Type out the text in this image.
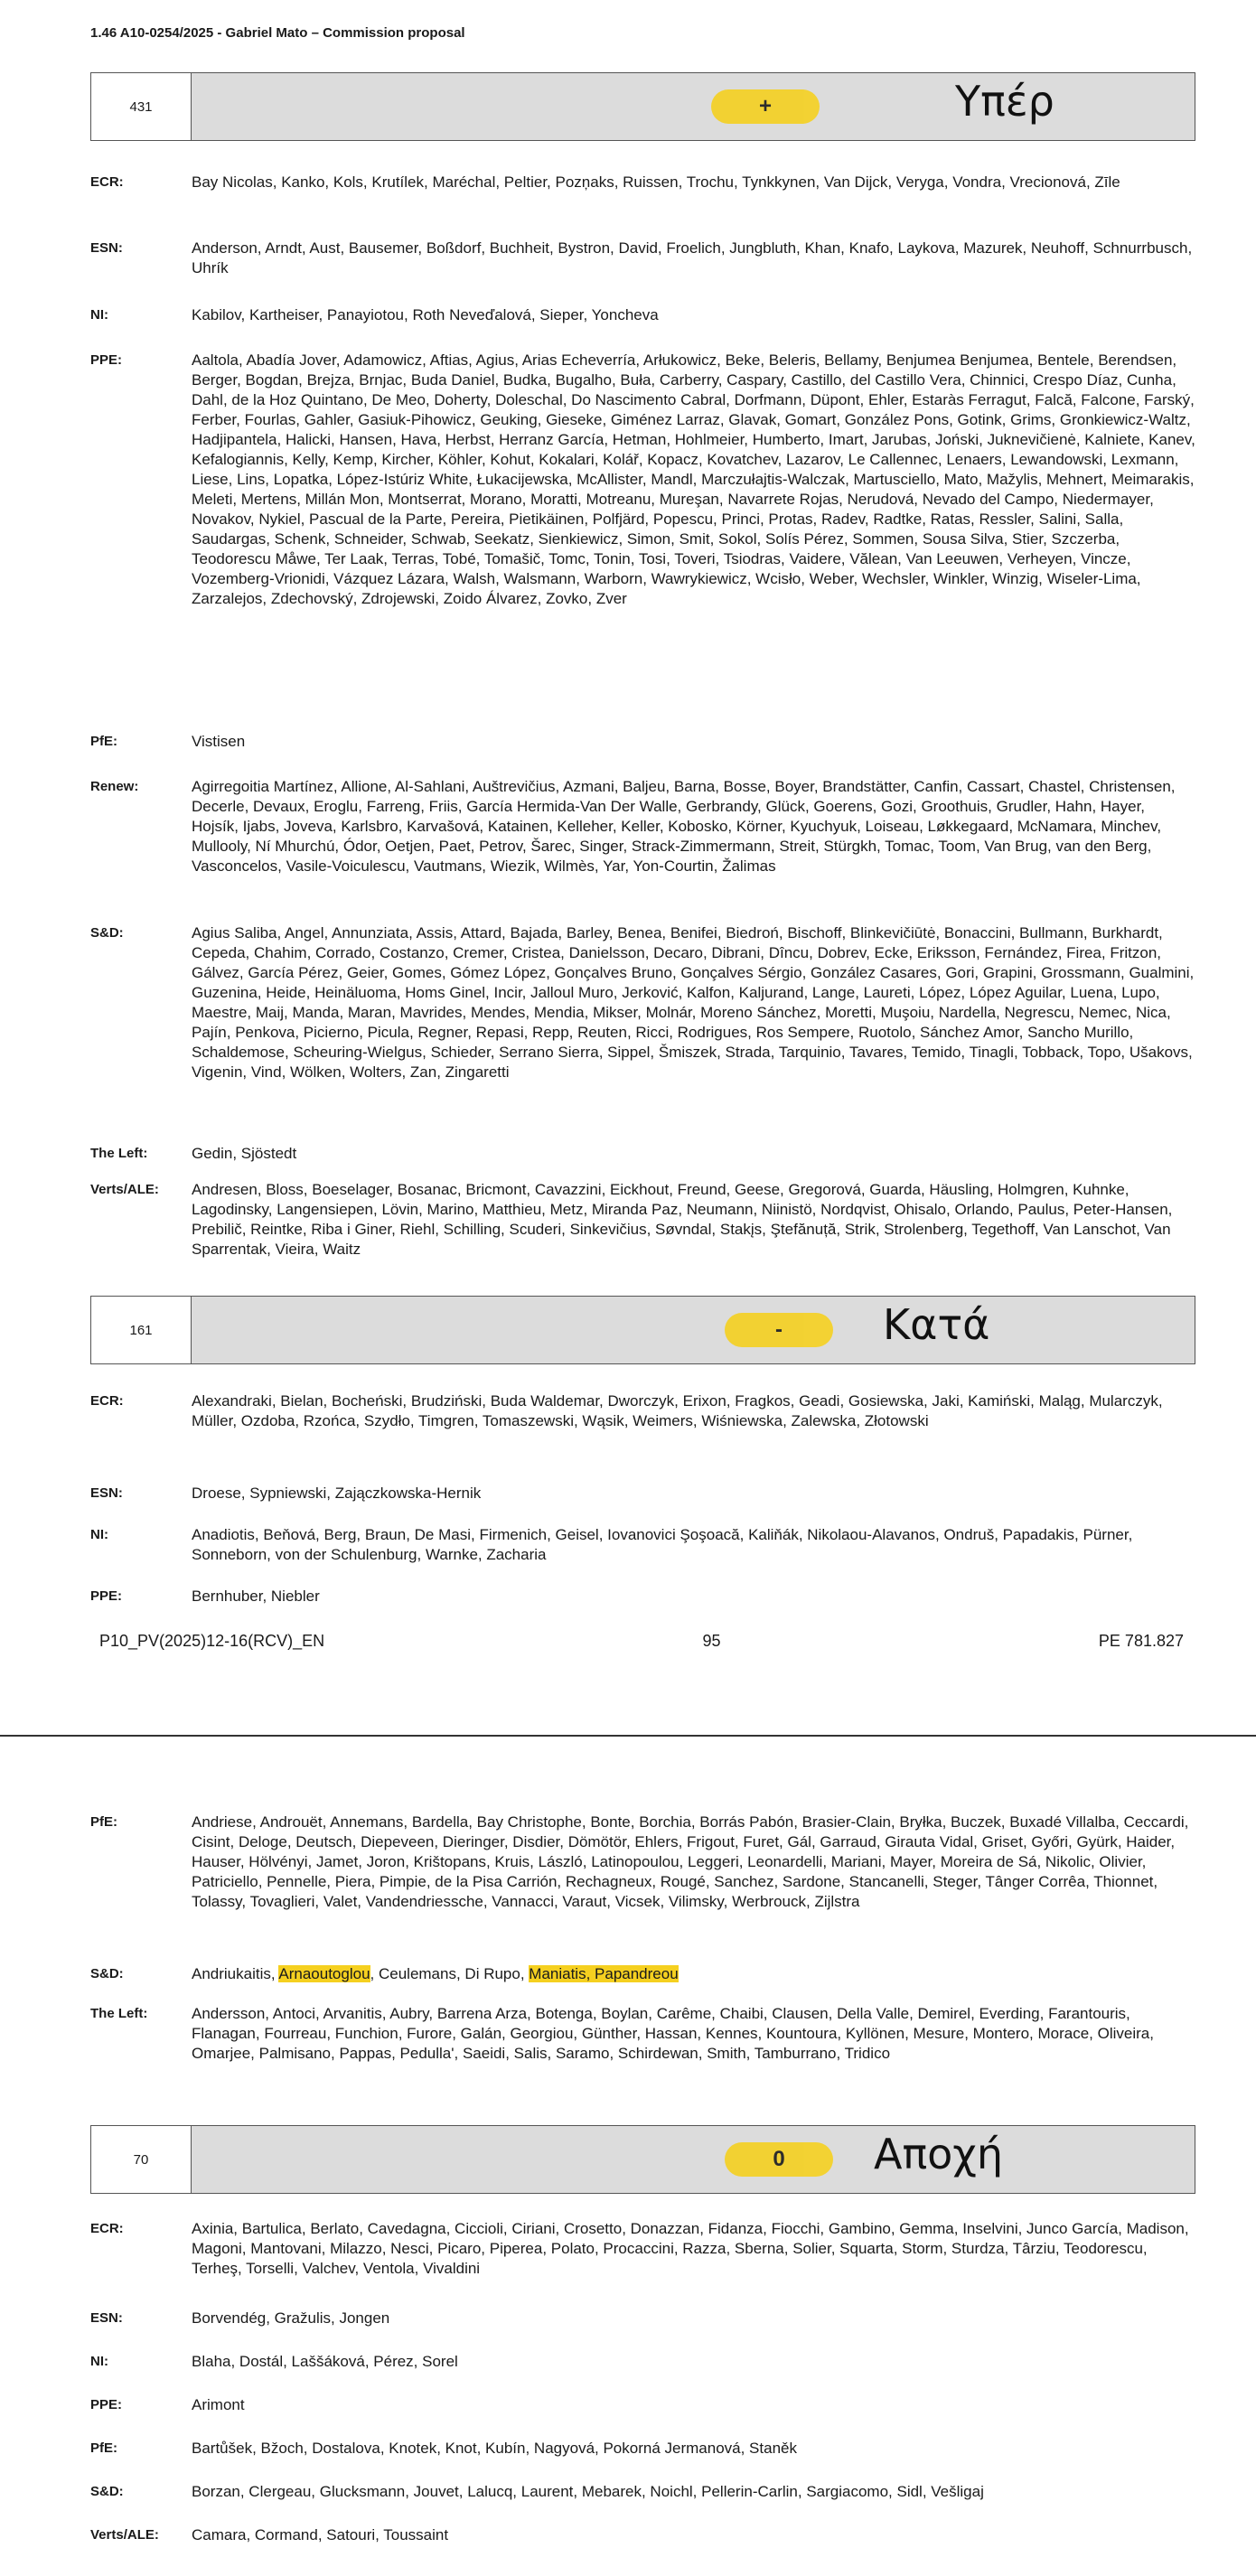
1.46 A10-0254/2025 - Gabriel Mato – Commission proposal
431	+	Υπέρ
ECR:	Bay Nicolas, Kanko, Kols, Krutílek, Maréchal, Peltier, Pozņaks, Ruissen, Trochu, Tynkkynen, Van Dijck, Veryga, Vondra, Vrecionová, Zīle
ESN:	Anderson, Arndt, Aust, Bausemer, Boßdorf, Buchheit, Bystron, David, Froelich, Jungbluth, Khan, Knafo, Laykova, Mazurek, Neuhoff, Schnurrbusch, Uhrík
NI:	Kabilov, Kartheiser, Panayiotou, Roth Neveďalová, Sieper, Yoncheva
PPE:	Aaltola, Abadía Jover, Adamowicz, Aftias, Agius, Arias Echeverría, Arłukowicz, Beke, Beleris, Bellamy, Benjumea Benjumea, Bentele, Berendsen, Berger, Bogdan, Brejza, Brnjac, Buda Daniel, Budka, Bugalho, Buła, Carberry, Caspary, Castillo, del Castillo Vera, Chinnici, Crespo Díaz, Cunha, Dahl, de la Hoz Quintano, De Meo, Doherty, Doleschal, Do Nascimento Cabral, Dorfmann, Düpont, Ehler, Estaràs Ferragut, Falcă, Falcone, Farský, Ferber, Fourlas, Gahler, Gasiuk-Pihowicz, Geuking, Gieseke, Giménez Larraz, Glavak, Gomart, González Pons, Gotink, Grims, Gronkiewicz-Waltz, Hadjipantela, Halicki, Hansen, Hava, Herbst, Herranz García, Hetman, Hohlmeier, Humberto, Imart, Jarubas, Joński, Juknevičienė, Kalniete, Kanev, Kefalogiannis, Kelly, Kemp, Kircher, Köhler, Kohut, Kokalari, Kolář, Kopacz, Kovatchev, Lazarov, Le Callennec, Lenaers, Lewandowski, Lexmann, Liese, Lins, Lopatka, López-Istúriz White, Łukacijewska, McAllister, Mandl, Marczułajtis-Walczak, Martusciello, Mato, Mažylis, Mehnert, Meimarakis, Meleti, Mertens, Millán Mon, Montserrat, Morano, Moratti, Motreanu, Mureşan, Navarrete Rojas, Nerudová, Nevado del Campo, Niedermayer, Novakov, Nykiel, Pascual de la Parte, Pereira, Pietikäinen, Polfjärd, Popescu, Princi, Protas, Radev, Radtke, Ratas, Ressler, Salini, Salla, Saudargas, Schenk, Schneider, Schwab, Seekatz, Sienkiewicz, Simon, Smit, Sokol, Solís Pérez, Sommen, Sousa Silva, Stier, Szczerba, Teodorescu Måwe, Ter Laak, Terras, Tobé, Tomašič, Tomc, Tonin, Tosi, Toveri, Tsiodras, Vaidere, Vălean, Van Leeuwen, Verheyen, Vincze, Vozemberg-Vrionidi, Vázquez Lázara, Walsh, Walsmann, Warborn, Wawrykiewicz, Wcisło, Weber, Wechsler, Winkler, Winzig, Wiseler-Lima, Zarzalejos, Zdechovský, Zdrojewski, Zoido Álvarez, Zovko, Zver
PfE:	Vistisen
Renew:	Agirregoitia Martínez, Allione, Al-Sahlani, Auštrevičius, Azmani, Baljeu, Barna, Bosse, Boyer, Brandstätter, Canfin, Cassart, Chastel, Christensen, Decerle, Devaux, Eroglu, Farreng, Friis, García Hermida-Van Der Walle, Gerbrandy, Glück, Goerens, Gozi, Groothuis, Grudler, Hahn, Hayer, Hojsík, Ijabs, Joveva, Karlsbro, Karvašová, Katainen, Kelleher, Keller, Kobosko, Körner, Kyuchyuk, Loiseau, Løkkegaard, McNamara, Minchev, Mullooly, Ní Mhurchú, Ódor, Oetjen, Paet, Petrov, Šarec, Singer, Strack-Zimmermann, Streit, Stürgkh, Tomac, Toom, Van Brug, van den Berg, Vasconcelos, Vasile-Voiculescu, Vautmans, Wiezik, Wilmès, Yar, Yon-Courtin, Žalimas
S&D:	Agius Saliba, Angel, Annunziata, Assis, Attard, Bajada, Barley, Benea, Benifei, Biedroń, Bischoff, Blinkevičiūtė, Bonaccini, Bullmann, Burkhardt, Cepeda, Chahim, Corrado, Costanzo, Cremer, Cristea, Danielsson, Decaro, Dibrani, Dîncu, Dobrev, Ecke, Eriksson, Fernández, Firea, Fritzon, Gálvez, García Pérez, Geier, Gomes, Gómez López, Gonçalves Bruno, Gonçalves Sérgio, González Casares, Gori, Grapini, Grossmann, Gualmini, Guzenina, Heide, Heinäluoma, Homs Ginel, Incir, Jalloul Muro, Jerković, Kalfon, Kaljurand, Lange, Laureti, López, López Aguilar, Luena, Lupo, Maestre, Maij, Manda, Maran, Mavrides, Mendes, Mendia, Mikser, Molnár, Moreno Sánchez, Moretti, Muşoiu, Nardella, Negrescu, Nemec, Nica, Pajín, Penkova, Picierno, Picula, Regner, Repasi, Repp, Reuten, Ricci, Rodrigues, Ros Sempere, Ruotolo, Sánchez Amor, Sancho Murillo, Schaldemose, Scheuring-Wielgus, Schieder, Serrano Sierra, Sippel, Šmiszek, Strada, Tarquinio, Tavares, Temido, Tinagli, Tobback, Topo, Ušakovs, Vigenin, Vind, Wölken, Wolters, Zan, Zingaretti
The Left:	Gedin, Sjöstedt
Verts/ALE:	Andresen, Bloss, Boeselager, Bosanac, Bricmont, Cavazzini, Eickhout, Freund, Geese, Gregorová, Guarda, Häusling, Holmgren, Kuhnke, Lagodinsky, Langensiepen, Lövin, Marino, Matthieu, Metz, Miranda Paz, Neumann, Niinistö, Nordqvist, Ohisalo, Orlando, Paulus, Peter-Hansen, Prebilič, Reintke, Riba i Giner, Riehl, Schilling, Scuderi, Sinkevičius, Søvndal, Stakįs, Ştefănuță, Strik, Strolenberg, Tegethoff, Van Lanschot, Van Sparrentak, Vieira, Waitz
161	-	Κατά
ECR:	Alexandraki, Bielan, Bocheński, Brudziński, Buda Waldemar, Dworczyk, Erixon, Fragkos, Geadi, Gosiewska, Jaki, Kamiński, Maląg, Mularczyk, Müller, Ozdoba, Rzońca, Szydło, Timgren, Tomaszewski, Wąsik, Weimers, Wiśniewska, Zalewska, Złotowski
ESN:	Droese, Sypniewski, Zajączkowska-Hernik
NI:	Anadiotis, Beňová, Berg, Braun, De Masi, Firmenich, Geisel, Iovanovici Şoşoacă, Kaliňák, Nikolaou-Alavanos, Ondruš, Papadakis, Pürner, Sonneborn, von der Schulenburg, Warnke, Zacharia
PPE:	Bernhuber, Niebler
P10_PV(2025)12-16(RCV)_EN	95	PE 781.827
PfE:	Andriese, Androuët, Annemans, Bardella, Bay Christophe, Bonte, Borchia, Borrás Pabón, Brasier-Clain, Bryłka, Buczek, Buxadé Villalba, Ceccardi, Cisint, Deloge, Deutsch, Diepeveen, Dieringer, Disdier, Dömötör, Ehlers, Frigout, Furet, Gál, Garraud, Girauta Vidal, Griset, Győri, Gyürk, Haider, Hauser, Hölvényi, Jamet, Joron, Krištopans, Kruis, László, Latinopoulou, Leggeri, Leonardelli, Mariani, Mayer, Moreira de Sá, Nikolic, Olivier, Patriciello, Pennelle, Piera, Pimpie, de la Pisa Carrión, Rechagneux, Rougé, Sanchez, Sardone, Stancanelli, Steger, Tânger Corrêa, Thionnet, Tolassy, Tovaglieri, Valet, Vandendriessche, Vannacci, Varaut, Vicsek, Vilimsky, Werbrouck, Zijlstra
S&D:	Andriukaitis, Arnaoutoglou, Ceulemans, Di Rupo, Maniatis, Papandreou
The Left:	Andersson, Antoci, Arvanitis, Aubry, Barrena Arza, Botenga, Boylan, Carême, Chaibi, Clausen, Della Valle, Demirel, Everding, Farantouris, Flanagan, Fourreau, Funchion, Furore, Galán, Georgiou, Günther, Hassan, Kennes, Kountoura, Kyllönen, Mesure, Montero, Morace, Oliveira, Omarjee, Palmisano, Pappas, Pedulla', Saeidi, Salis, Saramo, Schirdewan, Smith, Tamburrano, Tridico
70	0	Αποχή
ECR:	Axinia, Bartulica, Berlato, Cavedagna, Ciccioli, Ciriani, Crosetto, Donazzan, Fidanza, Fiocchi, Gambino, Gemma, Inselvini, Junco García, Madison, Magoni, Mantovani, Milazzo, Nesci, Picaro, Piperea, Polato, Procaccini, Razza, Sberna, Solier, Squarta, Storm, Sturdza, Târziu, Teodorescu, Terheş, Torselli, Valchev, Ventola, Vivaldini
ESN:	Borvendég, Gražulis, Jongen
NI:	Blaha, Dostál, Laššáková, Pérez, Sorel
PPE:	Arimont
PfE:	Bartůšek, Bžoch, Dostalova, Knotek, Knot, Kubín, Nagyová, Pokorná Jermanová, Staněk
S&D:	Borzan, Clergeau, Glucksmann, Jouvet, Lalucq, Laurent, Mebarek, Noichl, Pellerin-Carlin, Sargiacomo, Sidl, Vešligaj
Verts/ALE:	Camara, Cormand, Satouri, Toussaint
